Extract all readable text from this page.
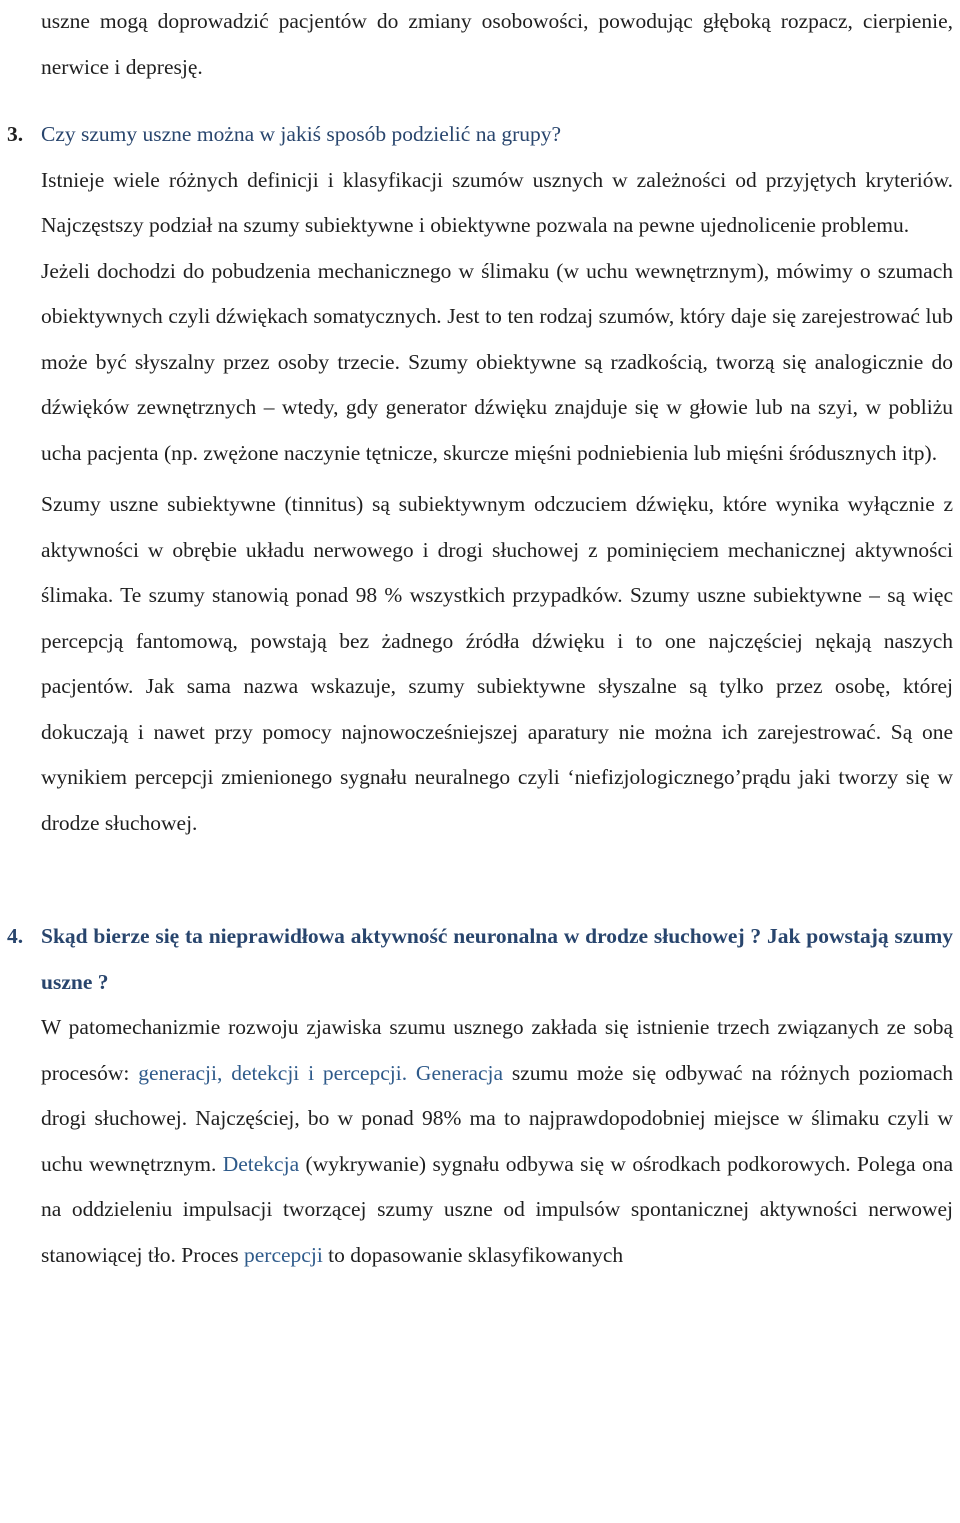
uszne mogą doprowadzić pacjentów do zmiany osobowości, powodując głęboką rozpacz, cierpienie, nerwice i depresję.

3. Czy szumy uszne można w jakiś sposób podzielić na grupy?

Istnieje wiele różnych definicji i klasyfikacji szumów usznych w zależności od przyjętych kryteriów. Najczęstszy podział na szumy subiektywne i obiektywne pozwala na pewne ujednolicenie problemu.

Jeżeli dochodzi do pobudzenia mechanicznego w ślimaku (w uchu wewnętrznym), mówimy o szumach obiektywnych czyli dźwiękach somatycznych. Jest to ten rodzaj szumów, który daje się zarejestrować lub może być słyszalny przez osoby trzecie. Szumy obiektywne są rzadkością, tworzą się analogicznie do dźwięków zewnętrznych – wtedy, gdy generator dźwięku znajduje się w głowie lub na szyi, w pobliżu ucha pacjenta (np. zwężone naczynie tętnicze, skurcze mięśni podniebienia lub mięśni śródusznych itp).

Szumy uszne subiektywne (tinnitus) są subiektywnym odczuciem dźwięku, które wynika wyłącznie z aktywności w obrębie układu nerwowego i drogi słuchowej z pominięciem mechanicznej aktywności ślimaka. Te szumy stanowią ponad 98 % wszystkich przypadków. Szumy uszne subiektywne – są więc percepcją fantomową, powstają bez żadnego źródła dźwięku i to one najczęściej nękają naszych pacjentów. Jak sama nazwa wskazuje, szumy subiektywne słyszalne są tylko przez osobę, której dokuczają i nawet przy pomocy najnowocześniejszej aparatury nie można ich zarejestrować. Są one wynikiem percepcji zmienionego sygnału neuralnego czyli ‘niefizjologicznego’prądu jaki tworzy się w drodze słuchowej.

4. Skąd bierze się ta nieprawidłowa aktywność neuronalna w drodze słuchowej ? Jak powstają szumy uszne ?

W patomechanizmie rozwoju zjawiska szumu usznego zakłada się istnienie trzech związanych ze sobą procesów: generacji, detekcji i percepcji. Generacja szumu może się odbywać na różnych poziomach drogi słuchowej. Najczęściej, bo w ponad 98% ma to najprawdopodobniej miejsce w ślimaku czyli w uchu wewnętrznym. Detekcja (wykrywanie) sygnału odbywa się w ośrodkach podkorowych. Polega ona na oddzieleniu impulsacji tworzącej szumy uszne od impulsów spontanicznej aktywności nerwowej stanowiącej tło. Proces percepcji to dopasowanie sklasyfikowanych
